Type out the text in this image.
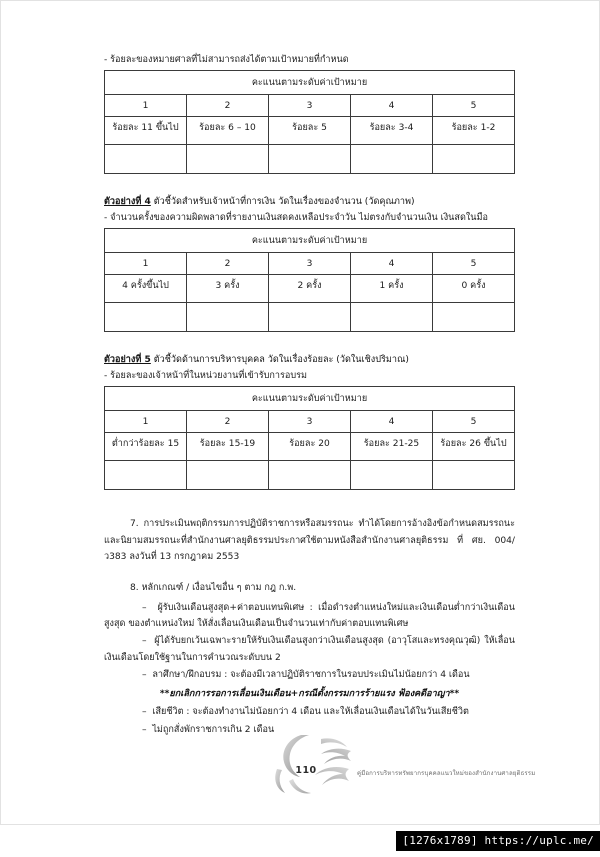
- ร้อยละของหมายศาลที่ไม่สามารถส่งได้ตามเป้าหมายที่กำหนด
คะแนนตามระดับค่าเป้าหมาย				
1	2	3	4	5
ร้อยละ 11 ขึ้นไป	ร้อยละ 6 – 10	ร้อยละ 5	ร้อยละ 3-4	ร้อยละ 1-2

ตัวอย่างที่ 4 ตัวชี้วัดสำหรับเจ้าหน้าที่การเงิน วัดในเรื่องของจำนวน (วัดคุณภาพ)
- จำนวนครั้งของความผิดพลาดที่รายงานเงินสดคงเหลือประจำวัน ไม่ตรงกับจำนวนเงิน เงินสดในมือ
คะแนนตามระดับค่าเป้าหมาย				
1	2	3	4	5
4 ครั้งขึ้นไป	3 ครั้ง	2 ครั้ง	1 ครั้ง	0 ครั้ง

ตัวอย่างที่ 5 ตัวชี้วัดด้านการบริหารบุคคล วัดในเรื่องร้อยละ (วัดในเชิงปริมาณ)
- ร้อยละของเจ้าหน้าที่ในหน่วยงานที่เข้ารับการอบรม
คะแนนตามระดับค่าเป้าหมาย				
1	2	3	4	5
ต่ำกว่าร้อยละ 15	ร้อยละ 15-19	ร้อยละ 20	ร้อยละ 21-25	ร้อยละ 26 ขึ้นไป

7. การประเมินพฤติกรรมการปฏิบัติราชการหรือสมรรถนะ ทำได้โดยการอ้างอิงข้อกำหนดสมรรถนะและนิยามสมรรถนะที่สำนักงานศาลยุติธรรมประกาศใช้ตามหนังสือสำนักงานศาลยุติธรรม ที่ ศย. 004/ว383 ลงวันที่ 13 กรกฎาคม 2553
8. หลักเกณฑ์ / เงื่อนไขอื่น ๆ ตาม กฎ ก.พ.
–  ผู้รับเงินเดือนสูงสุด+ค่าตอบแทนพิเศษ : เมื่อดำรงตำแหน่งใหม่และเงินเดือนต่ำกว่าเงินเดือนสูงสุด ของตำแหน่งใหม่ ให้สั่งเลื่อนเงินเดือนเป็นจำนวนเท่ากับค่าตอบแทนพิเศษ
–  ผู้ได้รับยกเว้นเฉพาะรายให้รับเงินเดือนสูงกว่าเงินเดือนสูงสุด (อาวุโสและทรงคุณวุฒิ) ให้เลื่อนเงินเดือนโดยใช้ฐานในการคำนวณระดับบน 2
–  ลาศึกษา/ฝึกอบรม : จะต้องมีเวลาปฏิบัติราชการในรอบประเมินไม่น้อยกว่า 4 เดือน
**ยกเลิกการรอการเลื่อนเงินเดือน+กรณีตั้งกรรมการร้ายแรง ฟ้องคดีอาญา**
–  เสียชีวิต : จะต้องทำงานไม่น้อยกว่า 4 เดือน และให้เลื่อนเงินเดือนได้ในวันเสียชีวิต
–  ไม่ถูกสั่งพักราชการเกิน 2 เดือน
110	คู่มือการบริหารทรัพยากรบุคคลแนวใหม่ของสำนักงานศาลยุติธรรม
[1276x1789] https://uplc.me/
